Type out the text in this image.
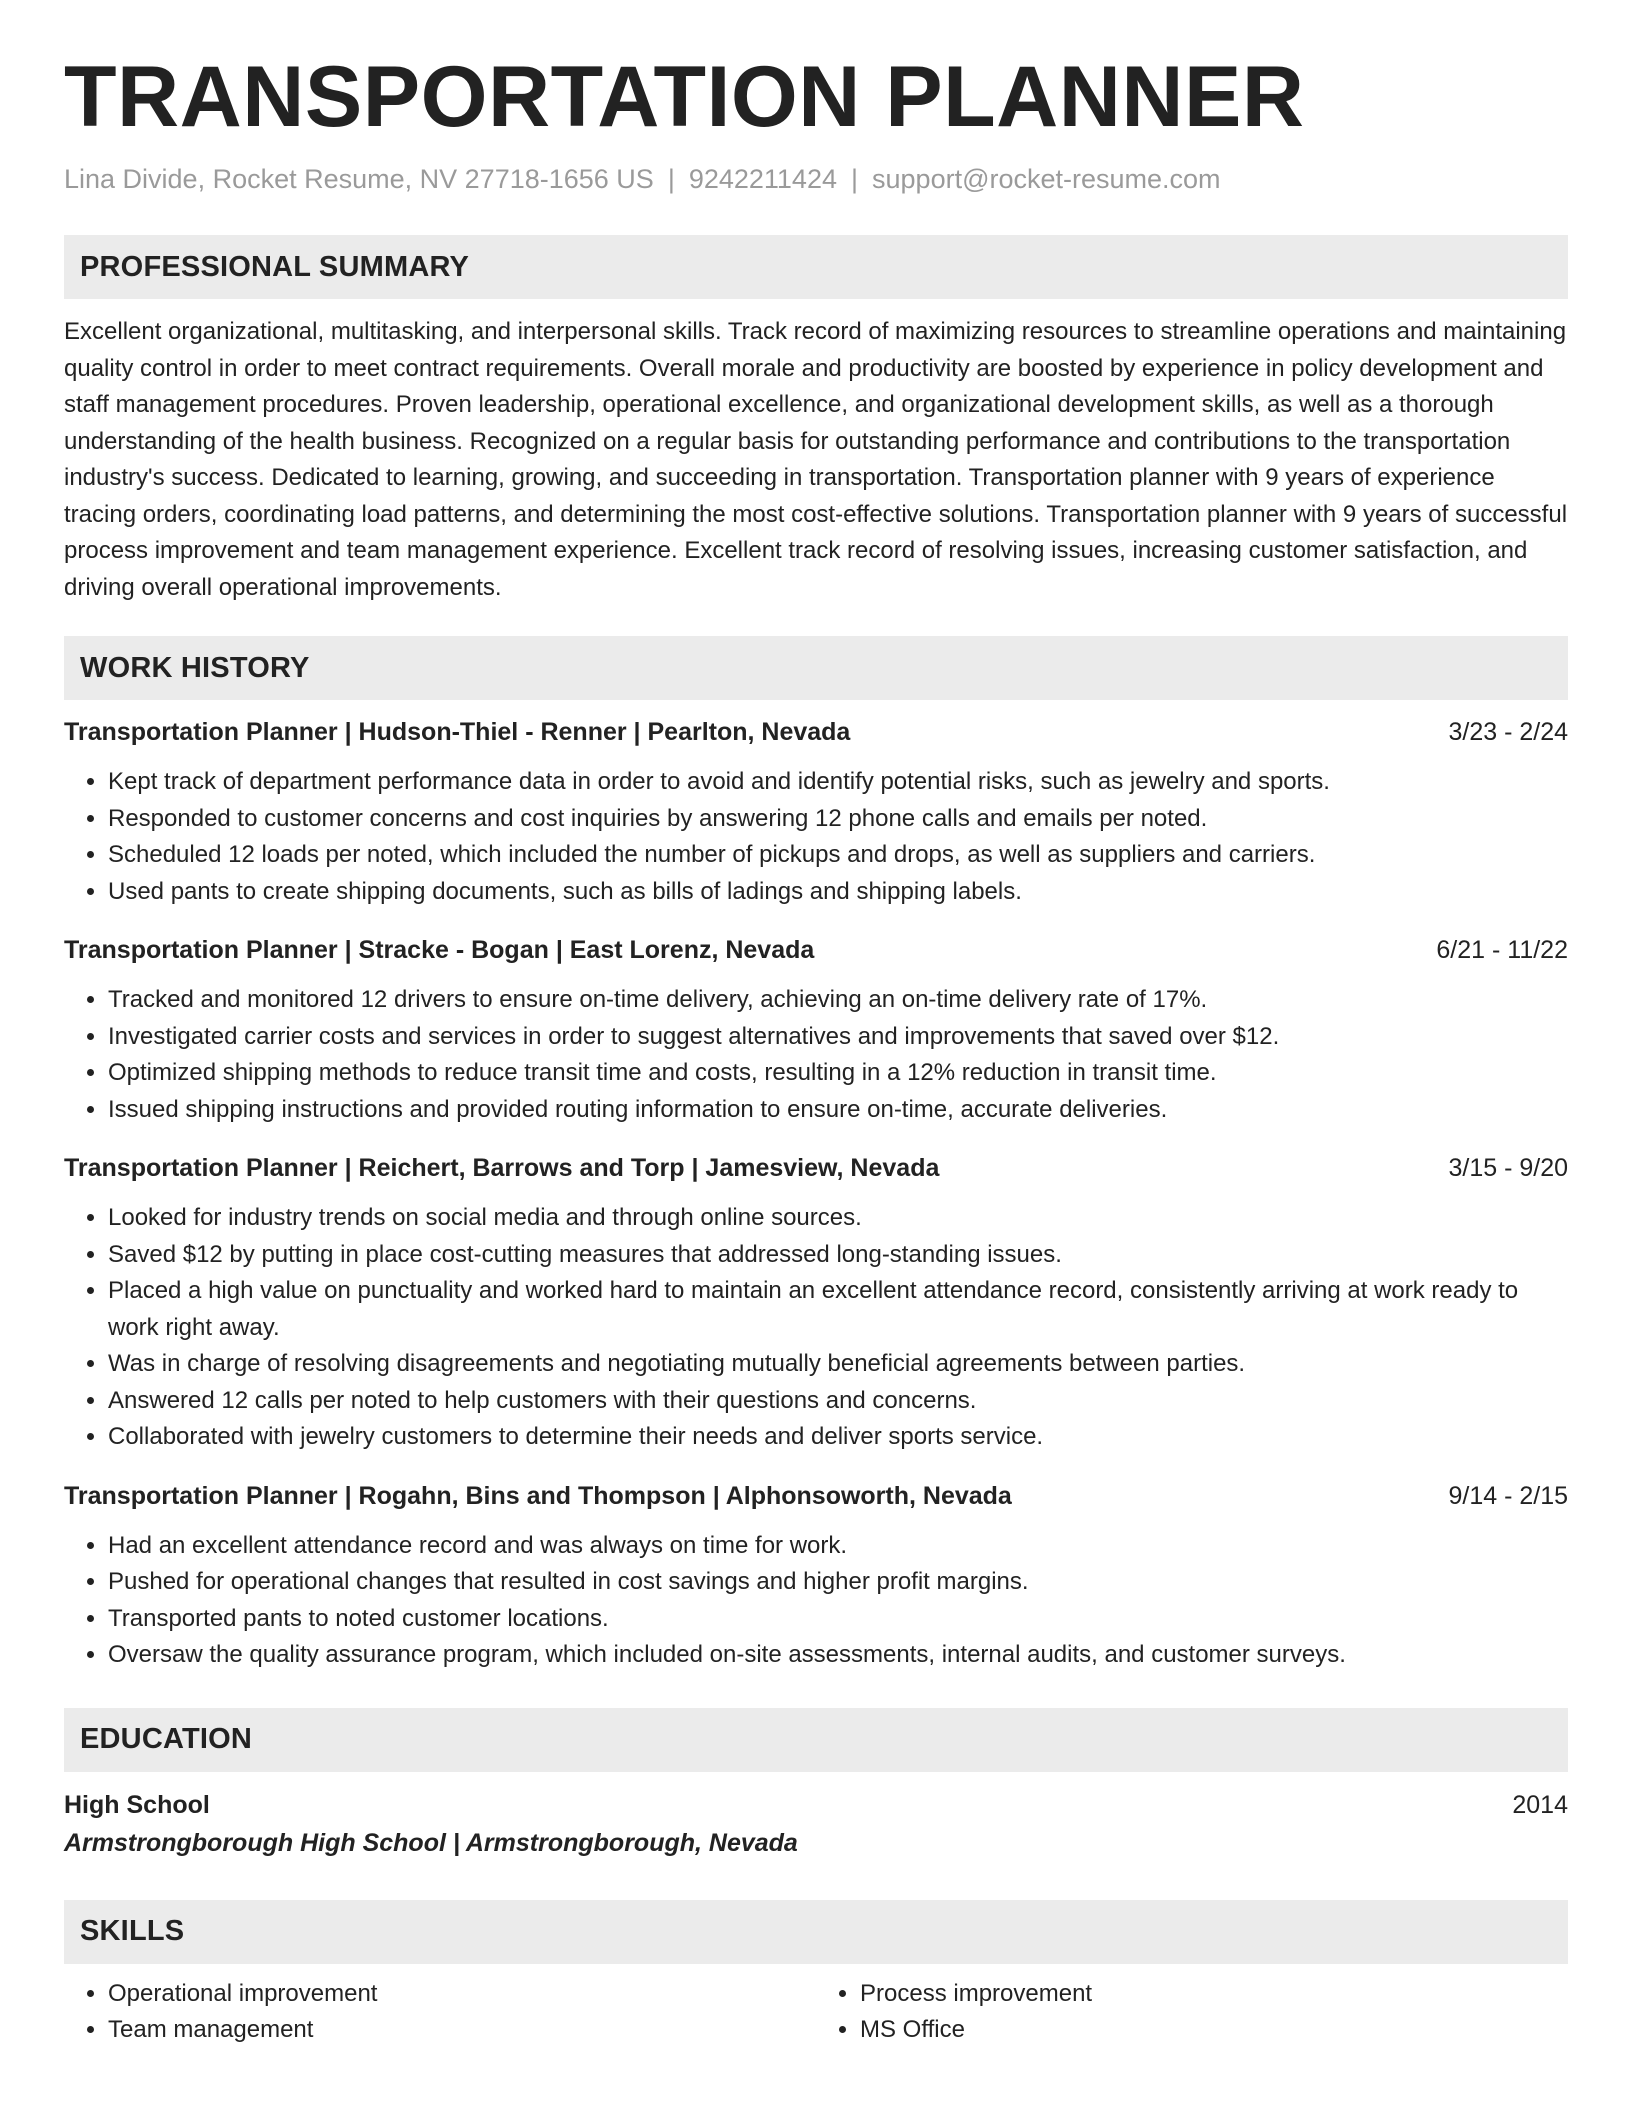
TRANSPORTATION PLANNER
Lina Divide, Rocket Resume, NV 27718-1656 US | 9242211424 | support@rocket-resume.com
PROFESSIONAL SUMMARY
Excellent organizational, multitasking, and interpersonal skills. Track record of maximizing resources to streamline operations and maintaining quality control in order to meet contract requirements. Overall morale and productivity are boosted by experience in policy development and staff management procedures. Proven leadership, operational excellence, and organizational development skills, as well as a thorough understanding of the health business. Recognized on a regular basis for outstanding performance and contributions to the transportation industry's success. Dedicated to learning, growing, and succeeding in transportation. Transportation planner with 9 years of experience tracing orders, coordinating load patterns, and determining the most cost-effective solutions. Transportation planner with 9 years of successful process improvement and team management experience. Excellent track record of resolving issues, increasing customer satisfaction, and driving overall operational improvements.
WORK HISTORY
Transportation Planner | Hudson-Thiel - Renner | Pearlton, Nevada	3/23 - 2/24
• Kept track of department performance data in order to avoid and identify potential risks, such as jewelry and sports.
• Responded to customer concerns and cost inquiries by answering 12 phone calls and emails per noted.
• Scheduled 12 loads per noted, which included the number of pickups and drops, as well as suppliers and carriers.
• Used pants to create shipping documents, such as bills of ladings and shipping labels.
Transportation Planner | Stracke - Bogan | East Lorenz, Nevada	6/21 - 11/22
• Tracked and monitored 12 drivers to ensure on-time delivery, achieving an on-time delivery rate of 17%.
• Investigated carrier costs and services in order to suggest alternatives and improvements that saved over $12.
• Optimized shipping methods to reduce transit time and costs, resulting in a 12% reduction in transit time.
• Issued shipping instructions and provided routing information to ensure on-time, accurate deliveries.
Transportation Planner | Reichert, Barrows and Torp | Jamesview, Nevada	3/15 - 9/20
• Looked for industry trends on social media and through online sources.
• Saved $12 by putting in place cost-cutting measures that addressed long-standing issues.
• Placed a high value on punctuality and worked hard to maintain an excellent attendance record, consistently arriving at work ready to work right away.
• Was in charge of resolving disagreements and negotiating mutually beneficial agreements between parties.
• Answered 12 calls per noted to help customers with their questions and concerns.
• Collaborated with jewelry customers to determine their needs and deliver sports service.
Transportation Planner | Rogahn, Bins and Thompson | Alphonsoworth, Nevada	9/14 - 2/15
• Had an excellent attendance record and was always on time for work.
• Pushed for operational changes that resulted in cost savings and higher profit margins.
• Transported pants to noted customer locations.
• Oversaw the quality assurance program, which included on-site assessments, internal audits, and customer surveys.
EDUCATION
High School	2014
Armstrongborough High School | Armstrongborough, Nevada
SKILLS
• Operational improvement
• Team management
• Process improvement
• MS Office
